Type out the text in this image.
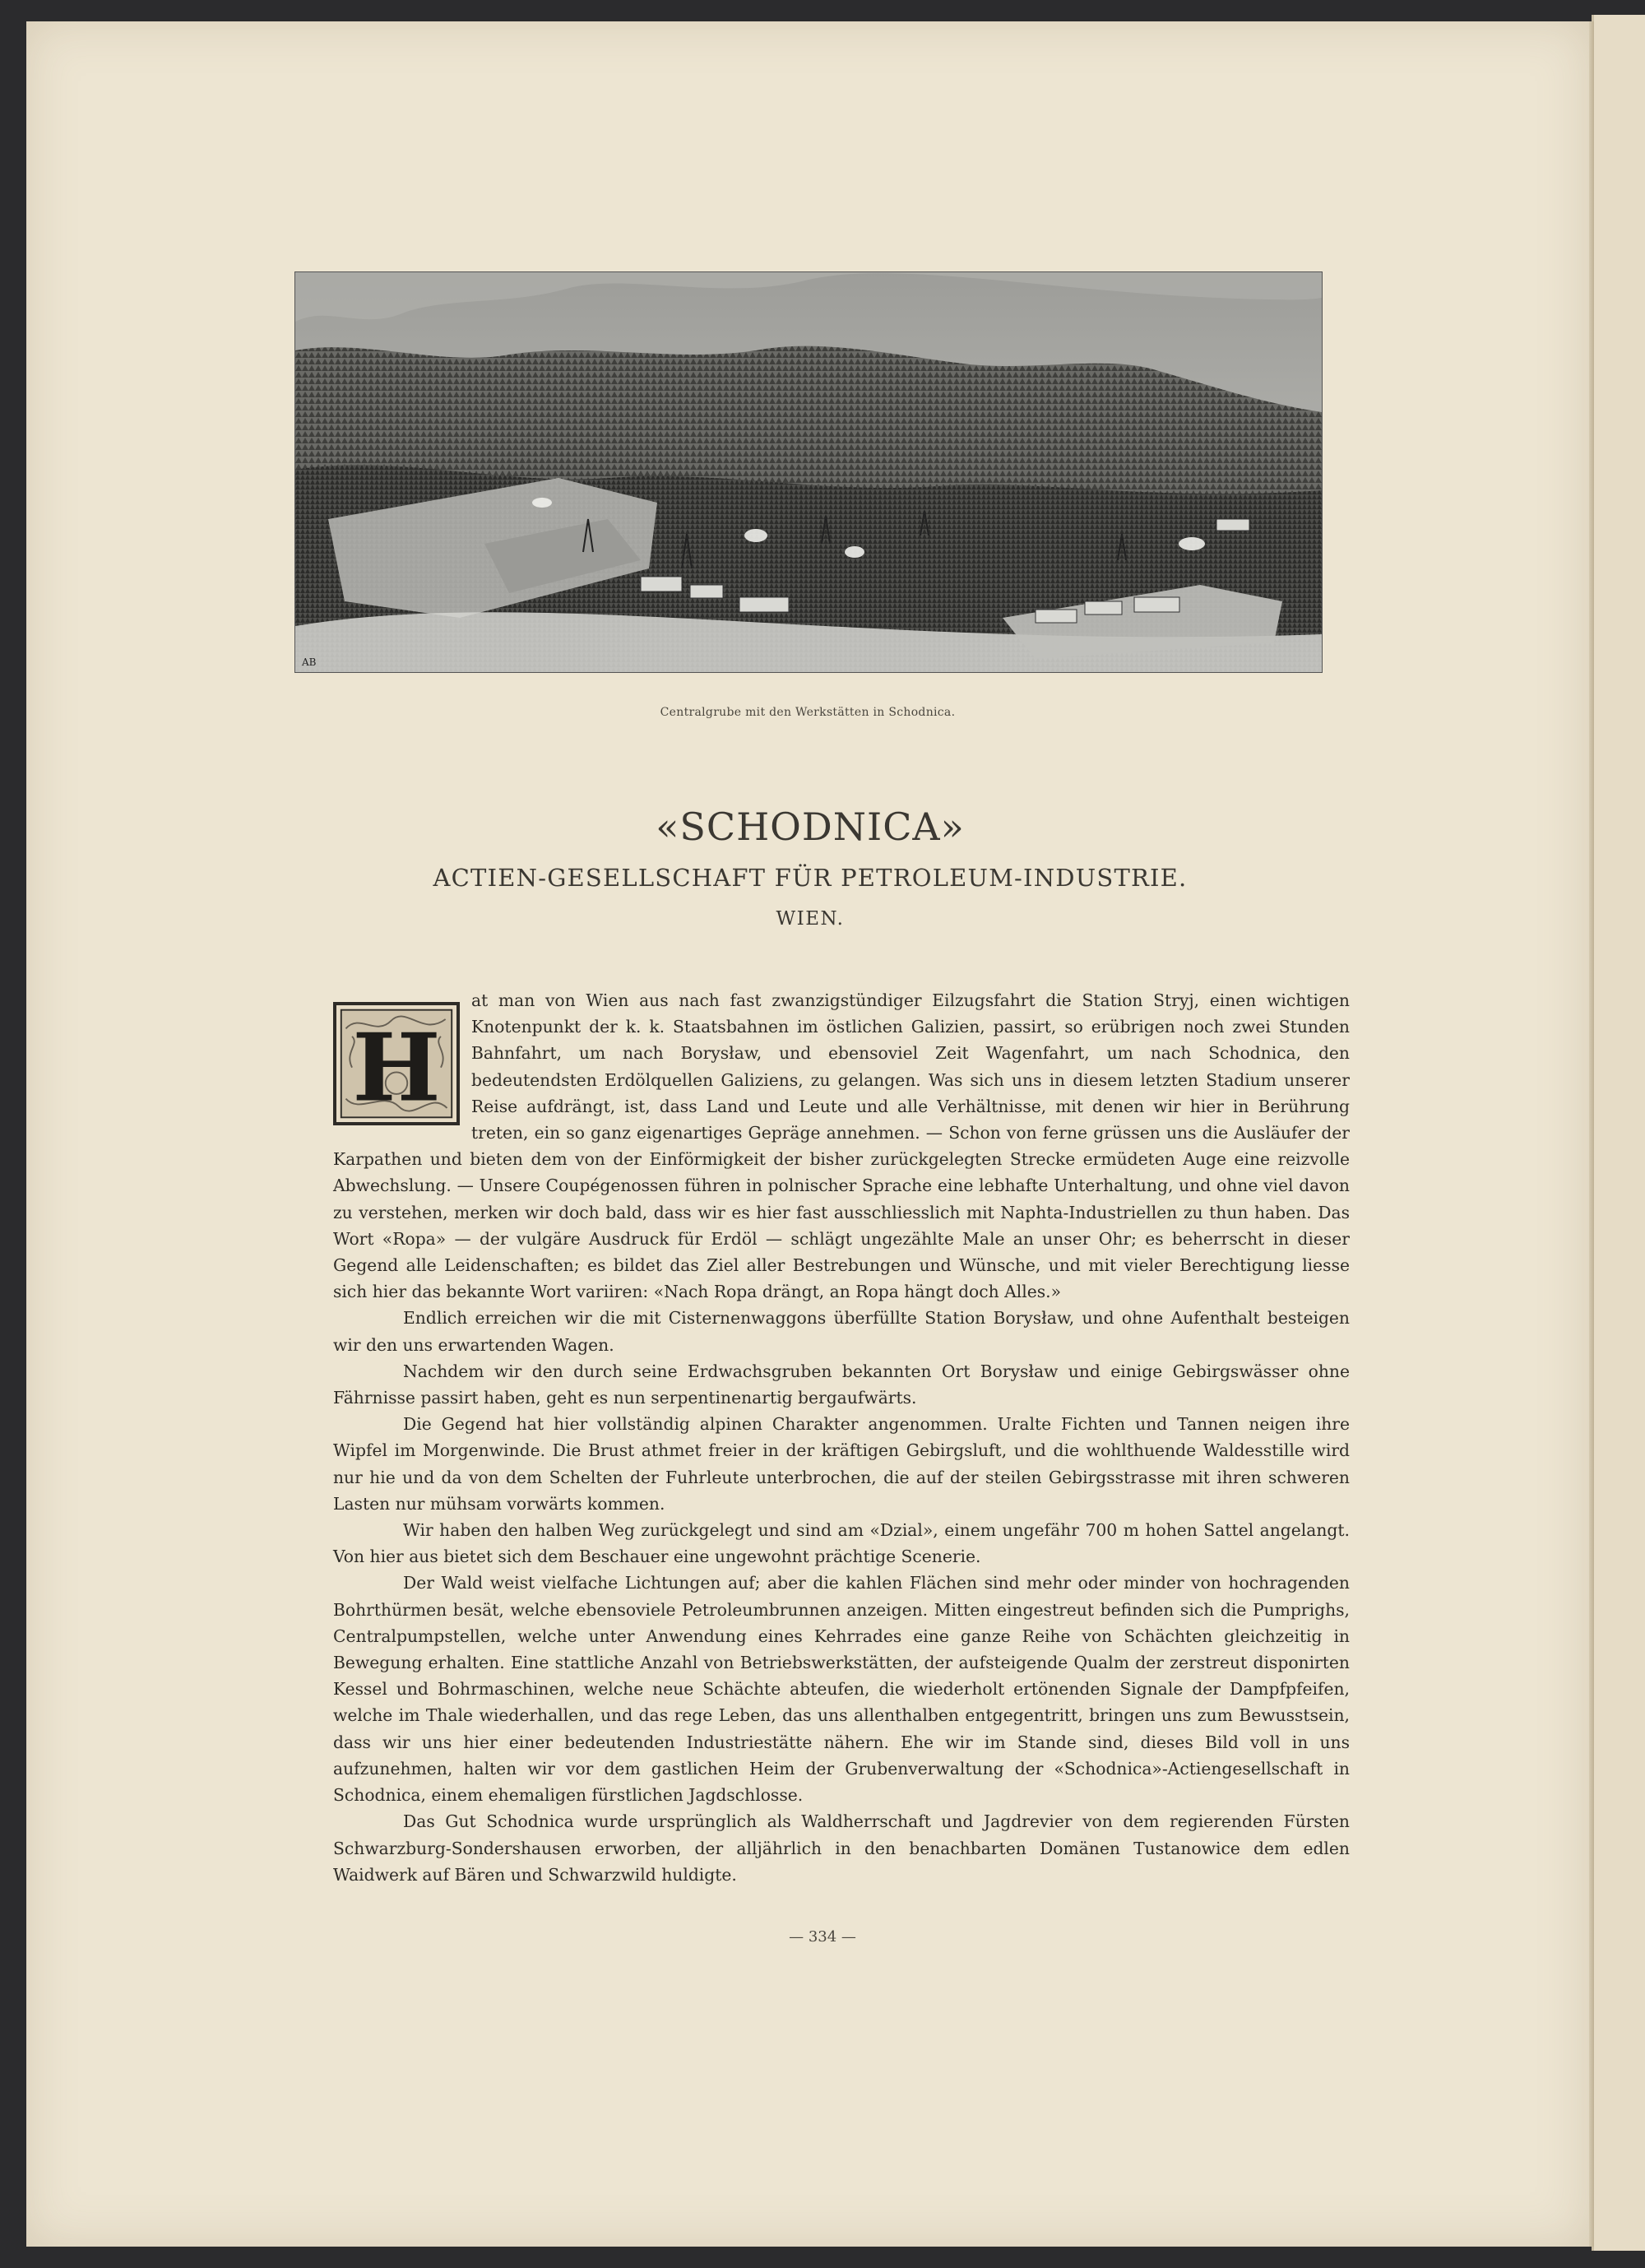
AB
Centralgrube mit den Werkstätten in Schodnica.
«SCHODNICA»
ACTIEN-GESELLSCHAFT FÜR PETROLEUM-INDUSTRIE.
WIEN.
H

at man von Wien aus nach fast zwanzigstündiger Eilzugsfahrt die Station Stryj, einen wichtigen Knotenpunkt der k. k. Staatsbahnen im östlichen Galizien, passirt, so erübrigen noch zwei Stunden Bahnfahrt, um nach Borysław, und ebensoviel Zeit Wagenfahrt, um nach Schodnica, den bedeutendsten Erdölquellen Galiziens, zu gelangen. Was sich uns in diesem letzten Stadium unserer Reise aufdrängt, ist, dass Land und Leute und alle Verhältnisse, mit denen wir hier in Berührung treten, ein so ganz eigenartiges Gepräge annehmen. — Schon von ferne grüssen uns die Ausläufer der Karpathen und bieten dem von der Einförmigkeit der bisher zurückgelegten Strecke ermüdeten Auge eine reizvolle Abwechslung. — Unsere Coupégenossen führen in polnischer Sprache eine lebhafte Unterhaltung, und ohne viel davon zu verstehen, merken wir doch bald, dass wir es hier fast ausschliesslich mit Naphta-Industriellen zu thun haben. Das Wort «Ropa» — der vulgäre Ausdruck für Erdöl — schlägt ungezählte Male an unser Ohr; es beherrscht in dieser Gegend alle Leidenschaften; es bildet das Ziel aller Bestrebungen und Wünsche, und mit vieler Berechtigung liesse sich hier das bekannte Wort variiren: «Nach Ropa drängt, an Ropa hängt doch Alles.»

Endlich erreichen wir die mit Cisternenwaggons überfüllte Station Borysław, und ohne Aufenthalt besteigen wir den uns erwartenden Wagen.

Nachdem wir den durch seine Erdwachsgruben bekannten Ort Borysław und einige Gebirgswässer ohne Fährnisse passirt haben, geht es nun serpentinenartig bergaufwärts.

Die Gegend hat hier vollständig alpinen Charakter angenommen. Uralte Fichten und Tannen neigen ihre Wipfel im Morgenwinde. Die Brust athmet freier in der kräftigen Gebirgsluft, und die wohlthuende Waldesstille wird nur hie und da von dem Schelten der Fuhrleute unterbrochen, die auf der steilen Gebirgsstrasse mit ihren schweren Lasten nur mühsam vorwärts kommen.

Wir haben den halben Weg zurückgelegt und sind am «Dzial», einem ungefähr 700 m hohen Sattel angelangt. Von hier aus bietet sich dem Beschauer eine ungewohnt prächtige Scenerie.

Der Wald weist vielfache Lichtungen auf; aber die kahlen Flächen sind mehr oder minder von hochragenden Bohrthürmen besät, welche ebensoviele Petroleumbrunnen anzeigen. Mitten eingestreut befinden sich die Pumprighs, Centralpumpstellen, welche unter Anwendung eines Kehrrades eine ganze Reihe von Schächten gleichzeitig in Bewegung erhalten. Eine stattliche Anzahl von Betriebswerkstätten, der aufsteigende Qualm der zerstreut disponirten Kessel und Bohrmaschinen, welche neue Schächte abteufen, die wiederholt ertönenden Signale der Dampfpfeifen, welche im Thale wiederhallen, und das rege Leben, das uns allenthalben entgegentritt, bringen uns zum Bewusstsein, dass wir uns hier einer bedeutenden Industriestätte nähern. Ehe wir im Stande sind, dieses Bild voll in uns aufzunehmen, halten wir vor dem gastlichen Heim der Grubenverwaltung der «Schodnica»-Actiengesellschaft in Schodnica, einem ehemaligen fürstlichen Jagdschlosse.

Das Gut Schodnica wurde ursprünglich als Waldherrschaft und Jagdrevier von dem regierenden Fürsten Schwarzburg-Sondershausen erworben, der alljährlich in den benachbarten Domänen Tustanowice dem edlen Waidwerk auf Bären und Schwarzwild huldigte.

— 334 —
